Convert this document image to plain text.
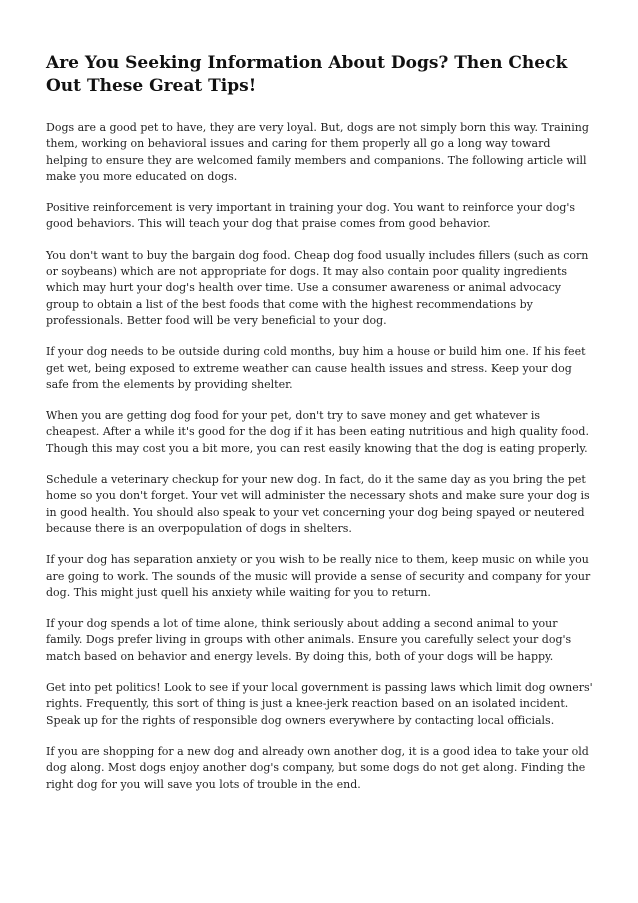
Are You Seeking Information About Dogs? Then Check Out These Great Tips!

Dogs are a good pet to have, they are very loyal. But, dogs are not simply born this way. Training them, working on behavioral issues and caring for them properly all go a long way toward helping to ensure they are welcomed family members and companions. The following article will make you more educated on dogs.

Positive reinforcement is very important in training your dog. You want to reinforce your dog's good behaviors. This will teach your dog that praise comes from good behavior.

You don't want to buy the bargain dog food. Cheap dog food usually includes fillers (such as corn or soybeans) which are not appropriate for dogs. It may also contain poor quality ingredients which may hurt your dog's health over time. Use a consumer awareness or animal advocacy group to obtain a list of the best foods that come with the highest recommendations by professionals. Better food will be very beneficial to your dog.

If your dog needs to be outside during cold months, buy him a house or build him one. If his feet get wet, being exposed to extreme weather can cause health issues and stress. Keep your dog safe from the elements by providing shelter.

When you are getting dog food for your pet, don't try to save money and get whatever is cheapest. After a while it's good for the dog if it has been eating nutritious and high quality food. Though this may cost you a bit more, you can rest easily knowing that the dog is eating properly.

Schedule a veterinary checkup for your new dog. In fact, do it the same day as you bring the pet home so you don't forget. Your vet will administer the necessary shots and make sure your dog is in good health. You should also speak to your vet concerning your dog being spayed or neutered because there is an overpopulation of dogs in shelters.

If your dog has separation anxiety or you wish to be really nice to them, keep music on while you are going to work. The sounds of the music will provide a sense of security and company for your dog. This might just quell his anxiety while waiting for you to return.

If your dog spends a lot of time alone, think seriously about adding a second animal to your family. Dogs prefer living in groups with other animals. Ensure you carefully select your dog's match based on behavior and energy levels. By doing this, both of your dogs will be happy.

Get into pet politics! Look to see if your local government is passing laws which limit dog owners' rights. Frequently, this sort of thing is just a knee-jerk reaction based on an isolated incident. Speak up for the rights of responsible dog owners everywhere by contacting local officials.

If you are shopping for a new dog and already own another dog, it is a good idea to take your old dog along. Most dogs enjoy another dog's company, but some dogs do not get along. Finding the right dog for you will save you lots of trouble in the end.
